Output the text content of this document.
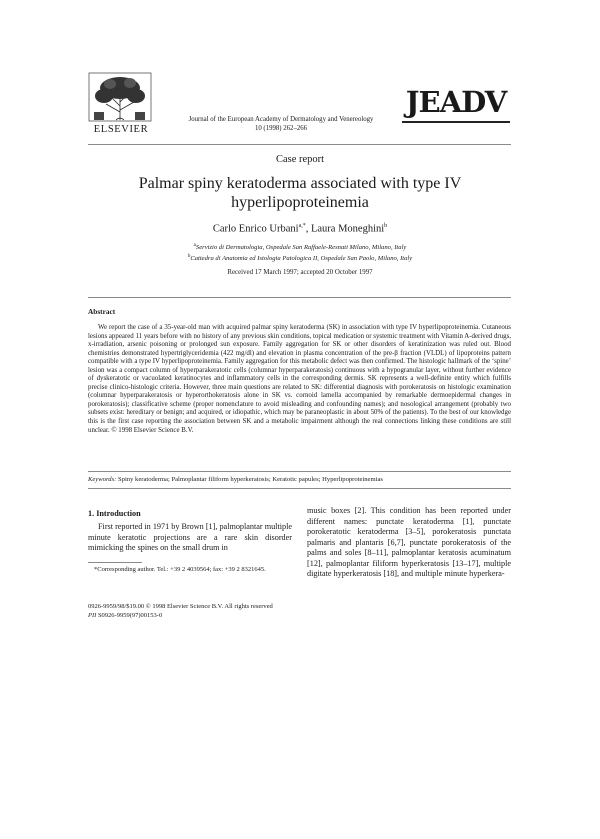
ELSEVIER
Journal of the European Academy of Dermatology and Venereology
10 (1998) 262–266
JEADV
Case report
Palmar spiny keratoderma associated with type IV
hyperlipoproteinemia
Carlo Enrico Urbani$^{a,*}$, Laura Moneghini$^b$
$^a$Servizio di Dermatologia, Ospedale San Raffaele-Resnati Milano, Milano, Italy
$^b$Cattedra di Anatomia ed Istologia Patologica II, Ospedale San Paolo, Milano, Italy
Received 17 March 1997; accepted 20 October 1997
Abstract
We report the case of a 35-year-old man with acquired palmar spiny keratoderma (SK) in association with type IV hyperlipoproteinemia. Cutaneous lesions appeared 11 years before with no history of any previous skin conditions, topical medication or systemic treatment with Vitamin A-derived drugs, x-irradiation, arsenic poisoning or prolonged sun exposure. Family aggregation for SK or other disorders of keratinization was ruled out. Blood chemistries demonstrated hypertriglyceridemia (422 mg/dl) and elevation in plasma concentration of the pre-β fraction (VLDL) of lipoproteins pattern compatible with a type IV hyperlipoproteinemia. Family aggregation for this metabolic defect was then confirmed. The histologic hallmark of the ‘spine’ lesion was a compact column of hyperparakeratotic cells (columnar hyperparakeratosis) continuous with a hypogranular layer, without further evidence of dyskeratotic or vacuolated keratinocytes and inflammatory cells in the corresponding dermis. SK represents a well-definite entity which fulfills precise clinico-histologic criteria. However, three main questions are related to SK: differential diagnosis with porokeratosis on histologic examination (columnar hyperparakeratosis or hyperorthokeratosis alone in SK vs. cornoid lamella accompanied by remarkable dermoepidermal changes in porokeratosis); classificative scheme (proper nomenclature to avoid misleading and confounding names); and nosological arrangement (probably two subsets exist: hereditary or benign; and acquired, or idiopathic, which may be paraneoplastic in about 50% of the patients). To the best of our knowledge this is the first case reporting the association between SK and a metabolic impairment although the real connections linking these conditions are still unclear. © 1998 Elsevier Science B.V.
Keywords: Spiny keratoderma; Palmoplantar filiform hyperkeratosis; Keratotic papules; Hyperlipoproteinemias
1. Introduction
First reported in 1971 by Brown [1], palmoplantar multiple minute keratotic projections are a rare skin disorder mimicking the spines on the small drum in
*Corresponding author. Tel.: +39 2 4039564; fax: +39 2 8321645.
music boxes [2]. This condition has been reported under different names: punctate keratoderma [1], punctate porokeratotic keratoderma [3–5], porokeratosis punctata palmaris and plantaris [6,7], punctate porokeratosis of the palms and soles [8–11], palmoplantar keratosis acuminatum [12], palmoplantar filiform hyperkeratosis [13–17], multiple digitate hyperkeratosis [18], and multiple minute hyperkera-
0926-9959/98/$19.00 © 1998 Elsevier Science B.V. All rights reserved
PII S0926-9959(97)00153-0
